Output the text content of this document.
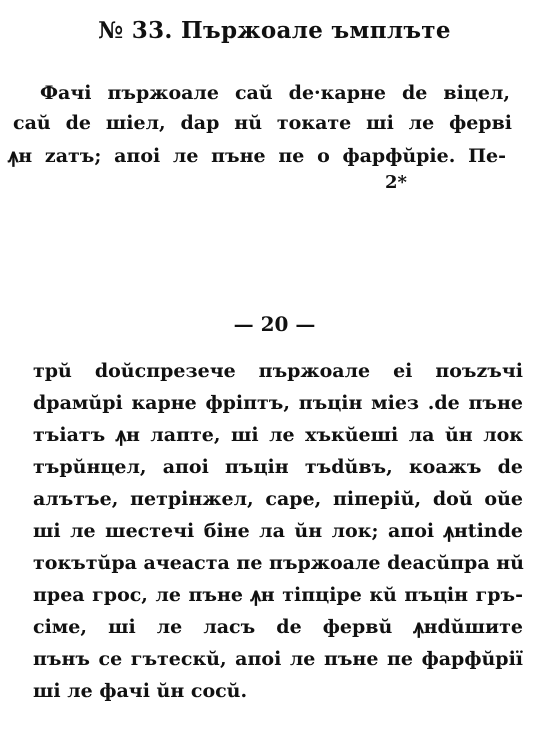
№ 33. Пържоале ъмплъте
Фачі пържоале саŭ de·карне de вiцел,
саŭ de шiел, dар нŭ токате шi ле фервi
ꙟн zатъ; апоi ле пъне пе о фарфŭрiе. Пе-
2*
— 20 —
трŭ dоŭспрезече пържоале еi поъzъчi
dрамŭрi карне фрiптъ, пъцiн мiез .de пъне
тъiатъ ꙟн лапте, шi ле хъкŭешi ла ŭн лок
търŭнцел, апоi пъцiн тъdŭвъ, коажъ de
алътъе, петрiнжел, саре, пiперiŭ, dоŭ оŭе
шi ле шестечi бiне ла ŭн лок; апоi ꙟнtinde
токътŭра ачеаста пе пържоале deасŭпра нŭ
преа грос, ле пъне ꙟн тiпцiре кŭ пъцiн гръ-
сiме, шi ле ласъ de фервŭ ꙟнdŭшите
пънъ се гътескŭ, апоi ле пъне пе фарфŭрiї
шi ле фачi ŭн сосŭ.
